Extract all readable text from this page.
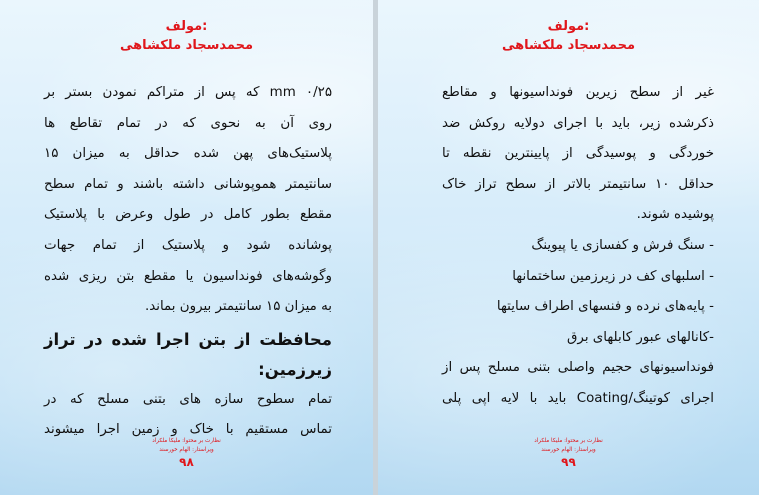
مولف:
محمدسجاد ملکشاهی

۰/۲۵ mm که پس از متراکم نمودن بستر بر
روی آن به نحوی که در تمام تقاطع ها
پلاستیک‌های پهن شده حداقل به میزان ۱۵
سانتیمتر هموپوشانی داشته باشند و تمام سطح
مقطع بطور کامل در طول وعرض با پلاستیک
پوشانده شود و پلاستیک از تمام جهات
وگوشه‌های فونداسیون یا مقطع بتن ریزی شده
به میزان ۱۵ سانتیمتر بیرون بماند.

محافظت از بتن اجرا شده در تراز
زیرزمین:

تمام سطوح سازه های بتنی مسلح که در
تماس مستقیم با خاک و زمین اجرا میشوند

نظارت بر محتوا: ملیکا ملکراد
ویراستار: الهام خورسند
۹۸
مولف:
محمدسجاد ملکشاهی

غیر از سطح زیرین فونداسیونها و مقاطع
ذکرشده زیر، باید با اجرای دولایه روکش ضد
خوردگی و پوسیدگی از پایینترین نقطه تا
حداقل ۱۰ سانتیمتر بالاتر از سطح تراز خاک
پوشیده شوند.

- سنگ فرش و کفسازی یا پیوینگ
- اسلبهای کف در زیرزمین ساختمانها
- پایه‌های نرده و فنسهای اطراف سایتها
-کانالهای عبور کابلهای برق

فونداسیونهای حجیم واصلی بتنی مسلح پس از
اجرای کوتینگ/Coating باید با لایه اپی پلی

نظارت بر محتوا: ملیکا ملکراد
ویراستار: الهام خورسند
۹۹
